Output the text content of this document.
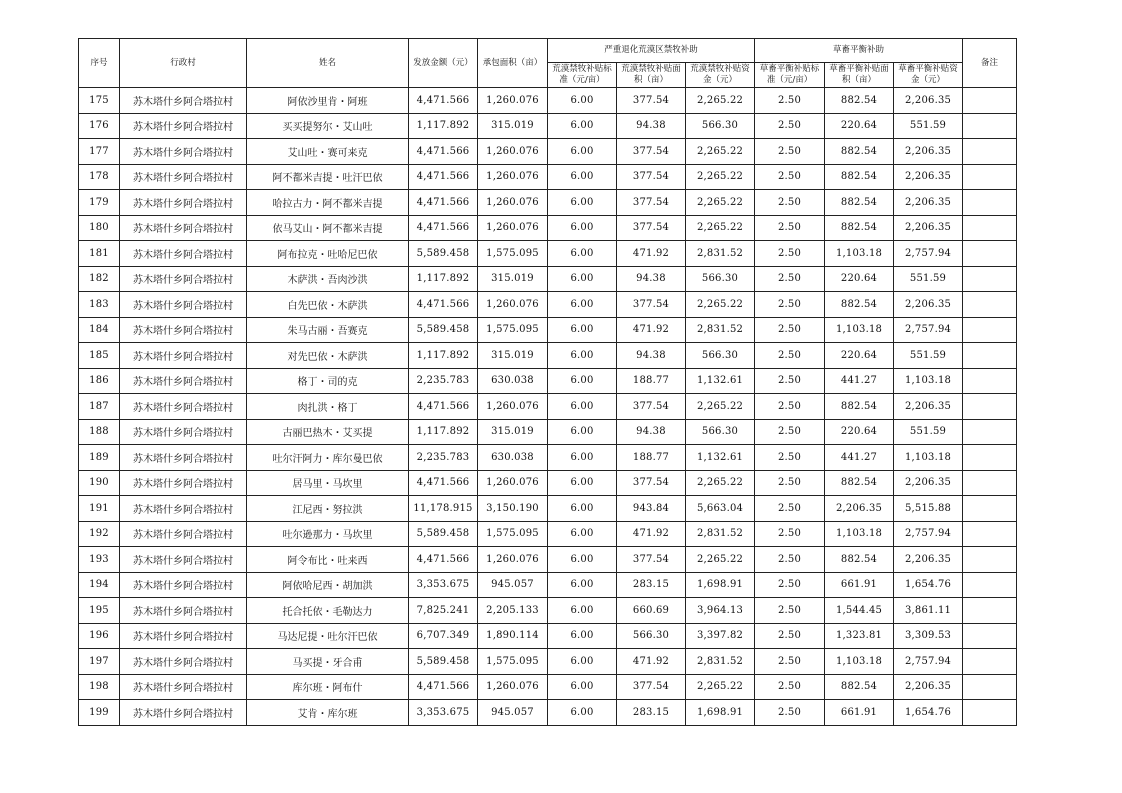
序号	行政村	姓名	发放金额（元）	承包面积（亩）	严重退化荒漠区禁牧补助			草畜平衡补助			备注
					荒漠禁牧补贴标准（元/亩）	荒漠禁牧补贴面积（亩）	荒漠禁牧补贴资金（元）	草畜平衡补贴标准（元/亩）	草畜平衡补贴面积（亩）	草畜平衡补贴资金（元）	
175	苏木塔什乡阿合塔拉村	阿依沙里肯・阿班	4,471.566	1,260.076	6.00	377.54	2,265.22	2.50	882.54	2,206.35	
176	苏木塔什乡阿合塔拉村	买买提努尔・艾山吐	1,117.892	315.019	6.00	94.38	566.30	2.50	220.64	551.59	
177	苏木塔什乡阿合塔拉村	艾山吐・赛可来克	4,471.566	1,260.076	6.00	377.54	2,265.22	2.50	882.54	2,206.35	
178	苏木塔什乡阿合塔拉村	阿不都米吉提・吐汗巴依	4,471.566	1,260.076	6.00	377.54	2,265.22	2.50	882.54	2,206.35	
179	苏木塔什乡阿合塔拉村	哈拉古力・阿不都米吉提	4,471.566	1,260.076	6.00	377.54	2,265.22	2.50	882.54	2,206.35	
180	苏木塔什乡阿合塔拉村	依马艾山・阿不都米吉提	4,471.566	1,260.076	6.00	377.54	2,265.22	2.50	882.54	2,206.35	
181	苏木塔什乡阿合塔拉村	阿布拉克・吐哈尼巴依	5,589.458	1,575.095	6.00	471.92	2,831.52	2.50	1,103.18	2,757.94	
182	苏木塔什乡阿合塔拉村	木萨洪・吾肉沙洪	1,117.892	315.019	6.00	94.38	566.30	2.50	220.64	551.59	
183	苏木塔什乡阿合塔拉村	白先巴依・木萨洪	4,471.566	1,260.076	6.00	377.54	2,265.22	2.50	882.54	2,206.35	
184	苏木塔什乡阿合塔拉村	朱马古丽・吾赛克	5,589.458	1,575.095	6.00	471.92	2,831.52	2.50	1,103.18	2,757.94	
185	苏木塔什乡阿合塔拉村	对先巴依・木萨洪	1,117.892	315.019	6.00	94.38	566.30	2.50	220.64	551.59	
186	苏木塔什乡阿合塔拉村	格丁・司的克	2,235.783	630.038	6.00	188.77	1,132.61	2.50	441.27	1,103.18	
187	苏木塔什乡阿合塔拉村	肉扎洪・格丁	4,471.566	1,260.076	6.00	377.54	2,265.22	2.50	882.54	2,206.35	
188	苏木塔什乡阿合塔拉村	古丽巴热木・艾买提	1,117.892	315.019	6.00	94.38	566.30	2.50	220.64	551.59	
189	苏木塔什乡阿合塔拉村	吐尔汗阿力・库尔曼巴依	2,235.783	630.038	6.00	188.77	1,132.61	2.50	441.27	1,103.18	
190	苏木塔什乡阿合塔拉村	居马里・马坎里	4,471.566	1,260.076	6.00	377.54	2,265.22	2.50	882.54	2,206.35	
191	苏木塔什乡阿合塔拉村	江尼西・努拉洪	11,178.915	3,150.190	6.00	943.84	5,663.04	2.50	2,206.35	5,515.88	
192	苏木塔什乡阿合塔拉村	吐尔逊那力・马坎里	5,589.458	1,575.095	6.00	471.92	2,831.52	2.50	1,103.18	2,757.94	
193	苏木塔什乡阿合塔拉村	阿令布比・吐来西	4,471.566	1,260.076	6.00	377.54	2,265.22	2.50	882.54	2,206.35	
194	苏木塔什乡阿合塔拉村	阿依哈尼西・胡加洪	3,353.675	945.057	6.00	283.15	1,698.91	2.50	661.91	1,654.76	
195	苏木塔什乡阿合塔拉村	托合托依・毛勒达力	7,825.241	2,205.133	6.00	660.69	3,964.13	2.50	1,544.45	3,861.11	
196	苏木塔什乡阿合塔拉村	马达尼提・吐尔汗巴依	6,707.349	1,890.114	6.00	566.30	3,397.82	2.50	1,323.81	3,309.53	
197	苏木塔什乡阿合塔拉村	马买提・牙合甫	5,589.458	1,575.095	6.00	471.92	2,831.52	2.50	1,103.18	2,757.94	
198	苏木塔什乡阿合塔拉村	库尔班・阿布什	4,471.566	1,260.076	6.00	377.54	2,265.22	2.50	882.54	2,206.35	
199	苏木塔什乡阿合塔拉村	艾肯・库尔班	3,353.675	945.057	6.00	283.15	1,698.91	2.50	661.91	1,654.76	
